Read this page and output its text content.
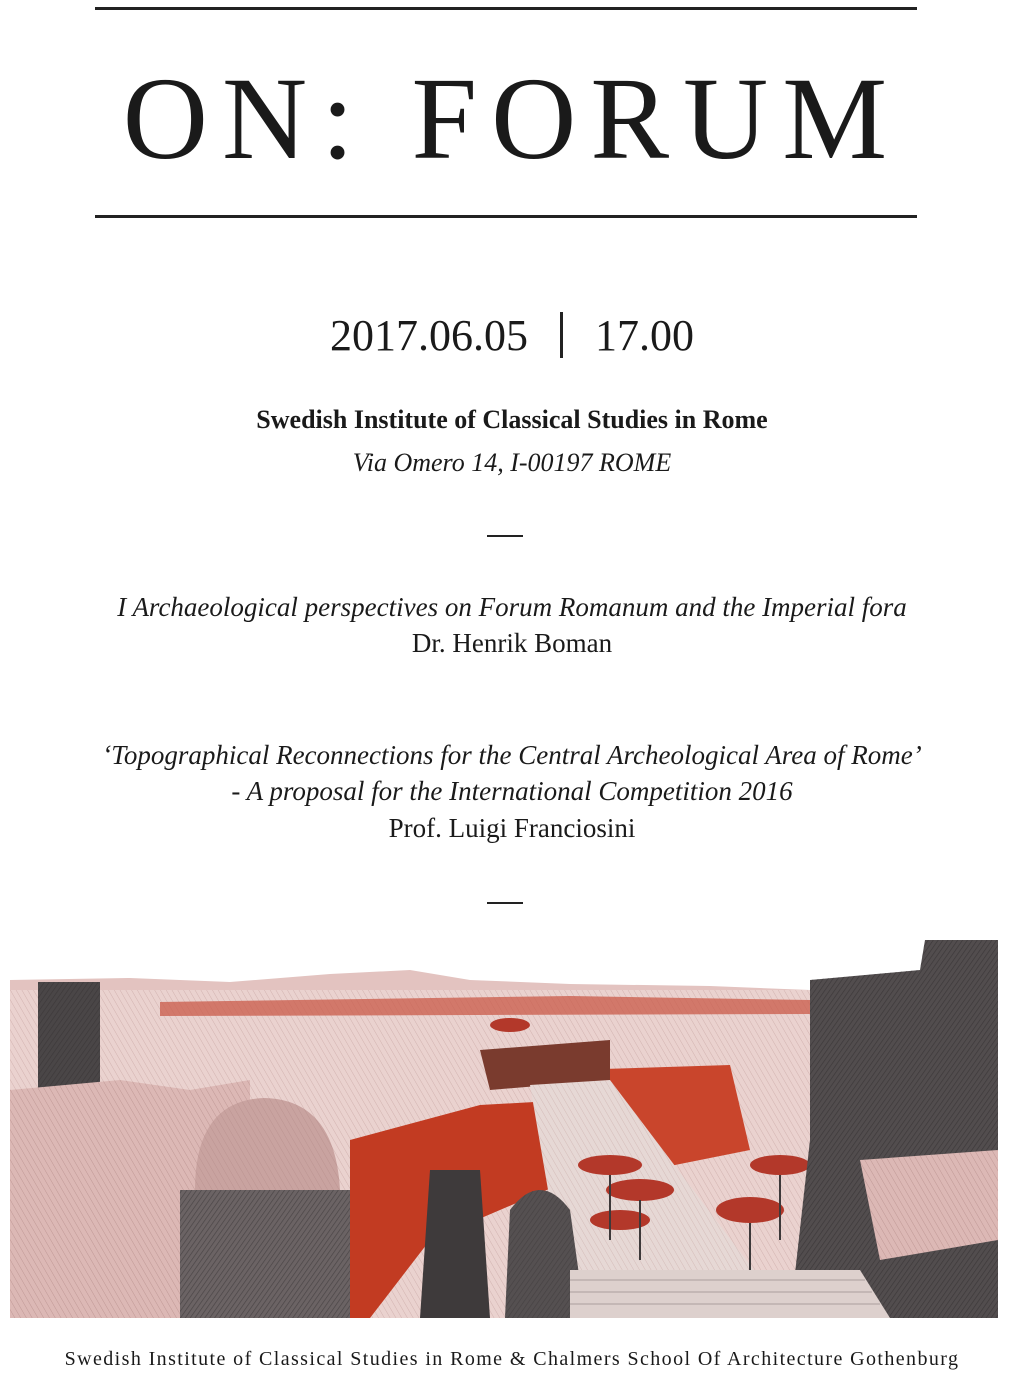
ON: FORUM
2017.06.05 17.00
Swedish Institute of Classical Studies in Rome
Via Omero 14, I-00197 ROME
I Archaeological perspectives on Forum Romanum and the Imperial fora
Dr. Henrik Boman
‘Topographical Reconnections for the Central Archeological Area of Rome’
- A proposal for the International Competition 2016
Prof. Luigi Franciosini
Swedish Institute of Classical Studies in Rome & Chalmers School Of Architecture Gothenburg
